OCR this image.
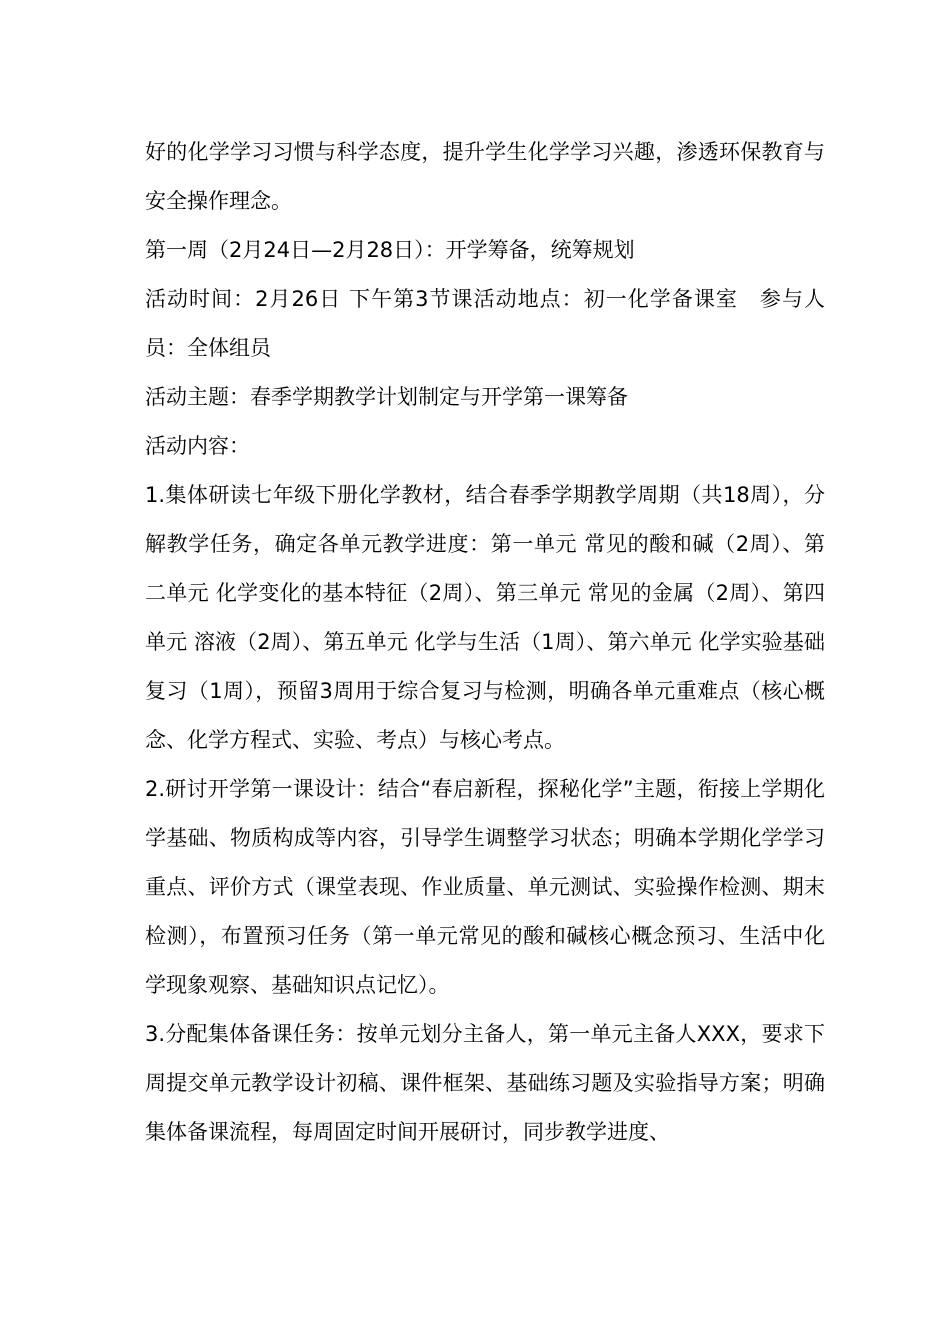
好的化学学习习惯与科学态度，提升学生化学学习兴趣，渗透环保教育与安全操作理念。

第一周（2月24日—2月28日）：开学筹备，统筹规划

活动时间：2月26日 下午第3节课活动地点：初一化学备课室　参与人员：全体组员

活动主题：春季学期教学计划制定与开学第一课筹备

活动内容：

1.集体研读七年级下册化学教材，结合春季学期教学周期（共18周），分解教学任务，确定各单元教学进度：第一单元 常见的酸和碱（2周）、第二单元 化学变化的基本特征（2周）、第三单元 常见的金属（2周）、第四单元 溶液（2周）、第五单元 化学与生活（1周）、第六单元 化学实验基础复习（1周），预留3周用于综合复习与检测，明确各单元重难点（核心概念、化学方程式、实验、考点）与核心考点。

2.研讨开学第一课设计：结合“春启新程，探秘化学”主题，衔接上学期化学基础、物质构成等内容，引导学生调整学习状态；明确本学期化学学习重点、评价方式（课堂表现、作业质量、单元测试、实验操作检测、期末检测），布置预习任务（第一单元常见的酸和碱核心概念预习、生活中化学现象观察、基础知识点记忆）。

3.分配集体备课任务：按单元划分主备人，第一单元主备人XXX，要求下周提交单元教学设计初稿、课件框架、基础练习题及实验指导方案；明确集体备课流程，每周固定时间开展研讨，同步教学进度、
